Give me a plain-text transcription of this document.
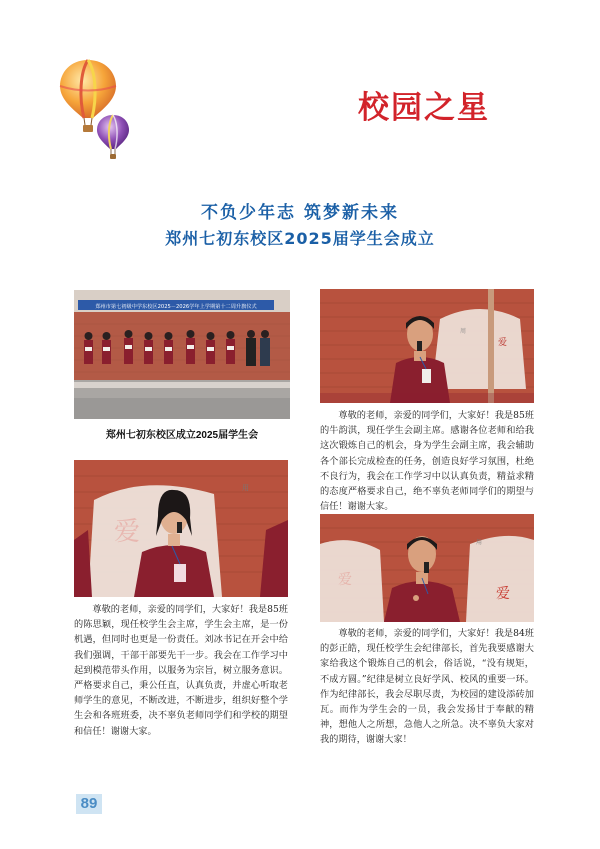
校园之星
不负少年志 筑梦新未来
郑州七初东校区2025届学生会成立
郑州市第七初级中学东校区2025－2026学年上学期第十二周升旗仪式
郑州七初东校区成立2025届学生会
爱
周

尊敬的老师，亲爱的同学们，大家好！我是85班的牛韵淇，现任学生会副主席。感谢各位老师和给我这次锻炼自己的机会，身为学生会副主席，我会辅助各个部长完成检查的任务，创造良好学习氛围，杜绝不良行为，我会在工作学习中以认真负责，精益求精的态度严格要求自己，绝不辜负老师同学们的期望与信任！谢谢大家。

爱
用

尊敬的老师，亲爱的同学们，大家好！我是85班的陈思颖，现任校学生会主席，学生会主席，是一份机遇，但同时也更是一份责任。刘冰书记在开会中给我们强调，干部干部要先干一步。我会在工作学习中起到模范带头作用，以服务为宗旨，树立服务意识。严格要求自己，秉公任直，认真负责，并虚心听取老师学生的意见，不断改进，不断进步，组织好整个学生会和各班班委，决不辜负老师同学们和学校的期望和信任！谢谢大家。

爱
用
爱

尊敬的老师，亲爱的同学们，大家好！我是84班的彭正皓，现任校学生会纪律部长，首先我要感谢大家给我这个锻炼自己的机会，俗话说，“没有规矩，不成方圆。”纪律是树立良好学风、校风的重要一环。作为纪律部长，我会尽职尽责，为校园的建设添砖加瓦。而作为学生会的一员，我会发扬甘于奉献的精神，想他人之所想，急他人之所急。决不辜负大家对我的期待，谢谢大家！

89
